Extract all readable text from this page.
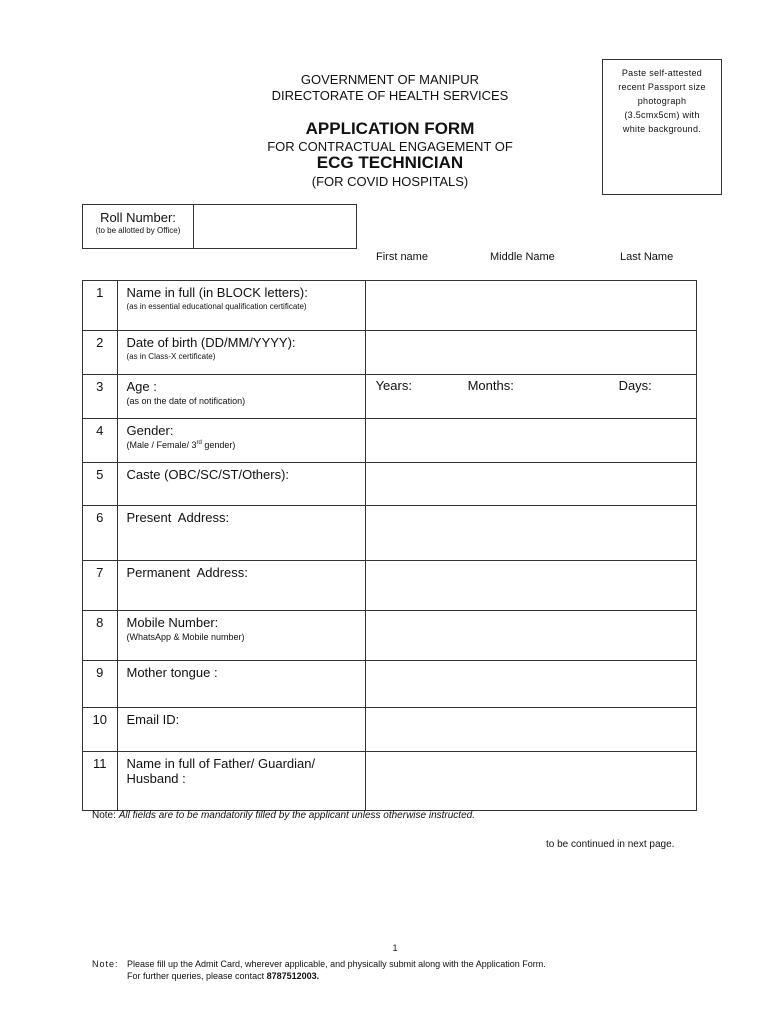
GOVERNMENT OF MANIPUR
DIRECTORATE OF HEALTH SERVICES
APPLICATION FORM
FOR CONTRACTUAL ENGAGEMENT OF
ECG TECHNICIAN
(FOR COVID HOSPITALS)
Paste self-attested
recent Passport size
photograph
(3.5cmx5cm) with
white background.
Roll Number:
(to be allotted by Office)
First name	Middle Name	Last Name
1	Name in full (in BLOCK letters):
(as in essential educational qualification certificate)	

2	Date of birth (DD/MM/YYYY):
(as in Class-X certificate)	

3	Age :
(as on the date of notification)	Years: Months: Days:

4	Gender:
(Male / Female/ 3rd gender)	

5	Caste (OBC/SC/ST/Others):	
6	Present  Address:	
7	Permanent  Address:	
8	Mobile Number:
(WhatsApp & Mobile number)	

9	Mother tongue :	
10	Email ID:	
11	Name in full of Father/ Guardian/
Husband :	
Note: All fields are to be mandatorily filled by the applicant unless otherwise instructed.
to be continued in next page.
1
Note: Please fill up the Admit Card, wherever applicable, and physically submit along with the Application Form.
For further queries, please contact 8787512003.
